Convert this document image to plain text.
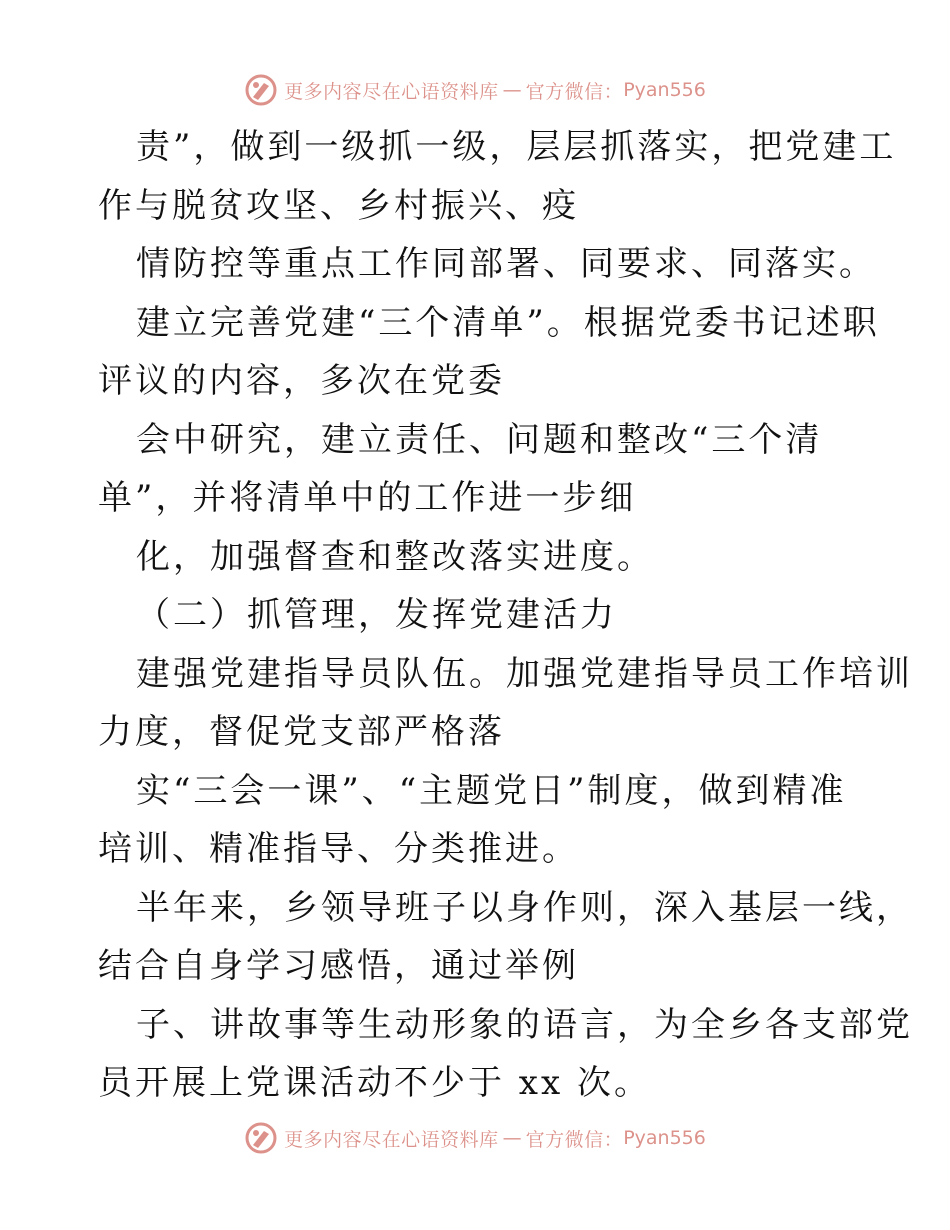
更多内容尽在心语资料库 — 官方微信： Pyan556

责”，做到一级抓一级，层层抓落实，把党建工

作与脱贫攻坚、乡村振兴、疫

情防控等重点工作同部署、同要求、同落实。

建立完善党建“三个清单”。根据党委书记述职

评议的内容，多次在党委

会中研究，建立责任、问题和整改“三个清

单”，并将清单中的工作进一步细

化，加强督查和整改落实进度。

（二）抓管理，发挥党建活力

建强党建指导员队伍。加强党建指导员工作培训

力度，督促党支部严格落

实“三会一课”、“主题党日”制度，做到精准

培训、精准指导、分类推进。

半年来，乡领导班子以身作则，深入基层一线，

结合自身学习感悟，通过举例

子、讲故事等生动形象的语言，为全乡各支部党

员开展上党课活动不少于 xx 次。

更多内容尽在心语资料库 — 官方微信： Pyan556
